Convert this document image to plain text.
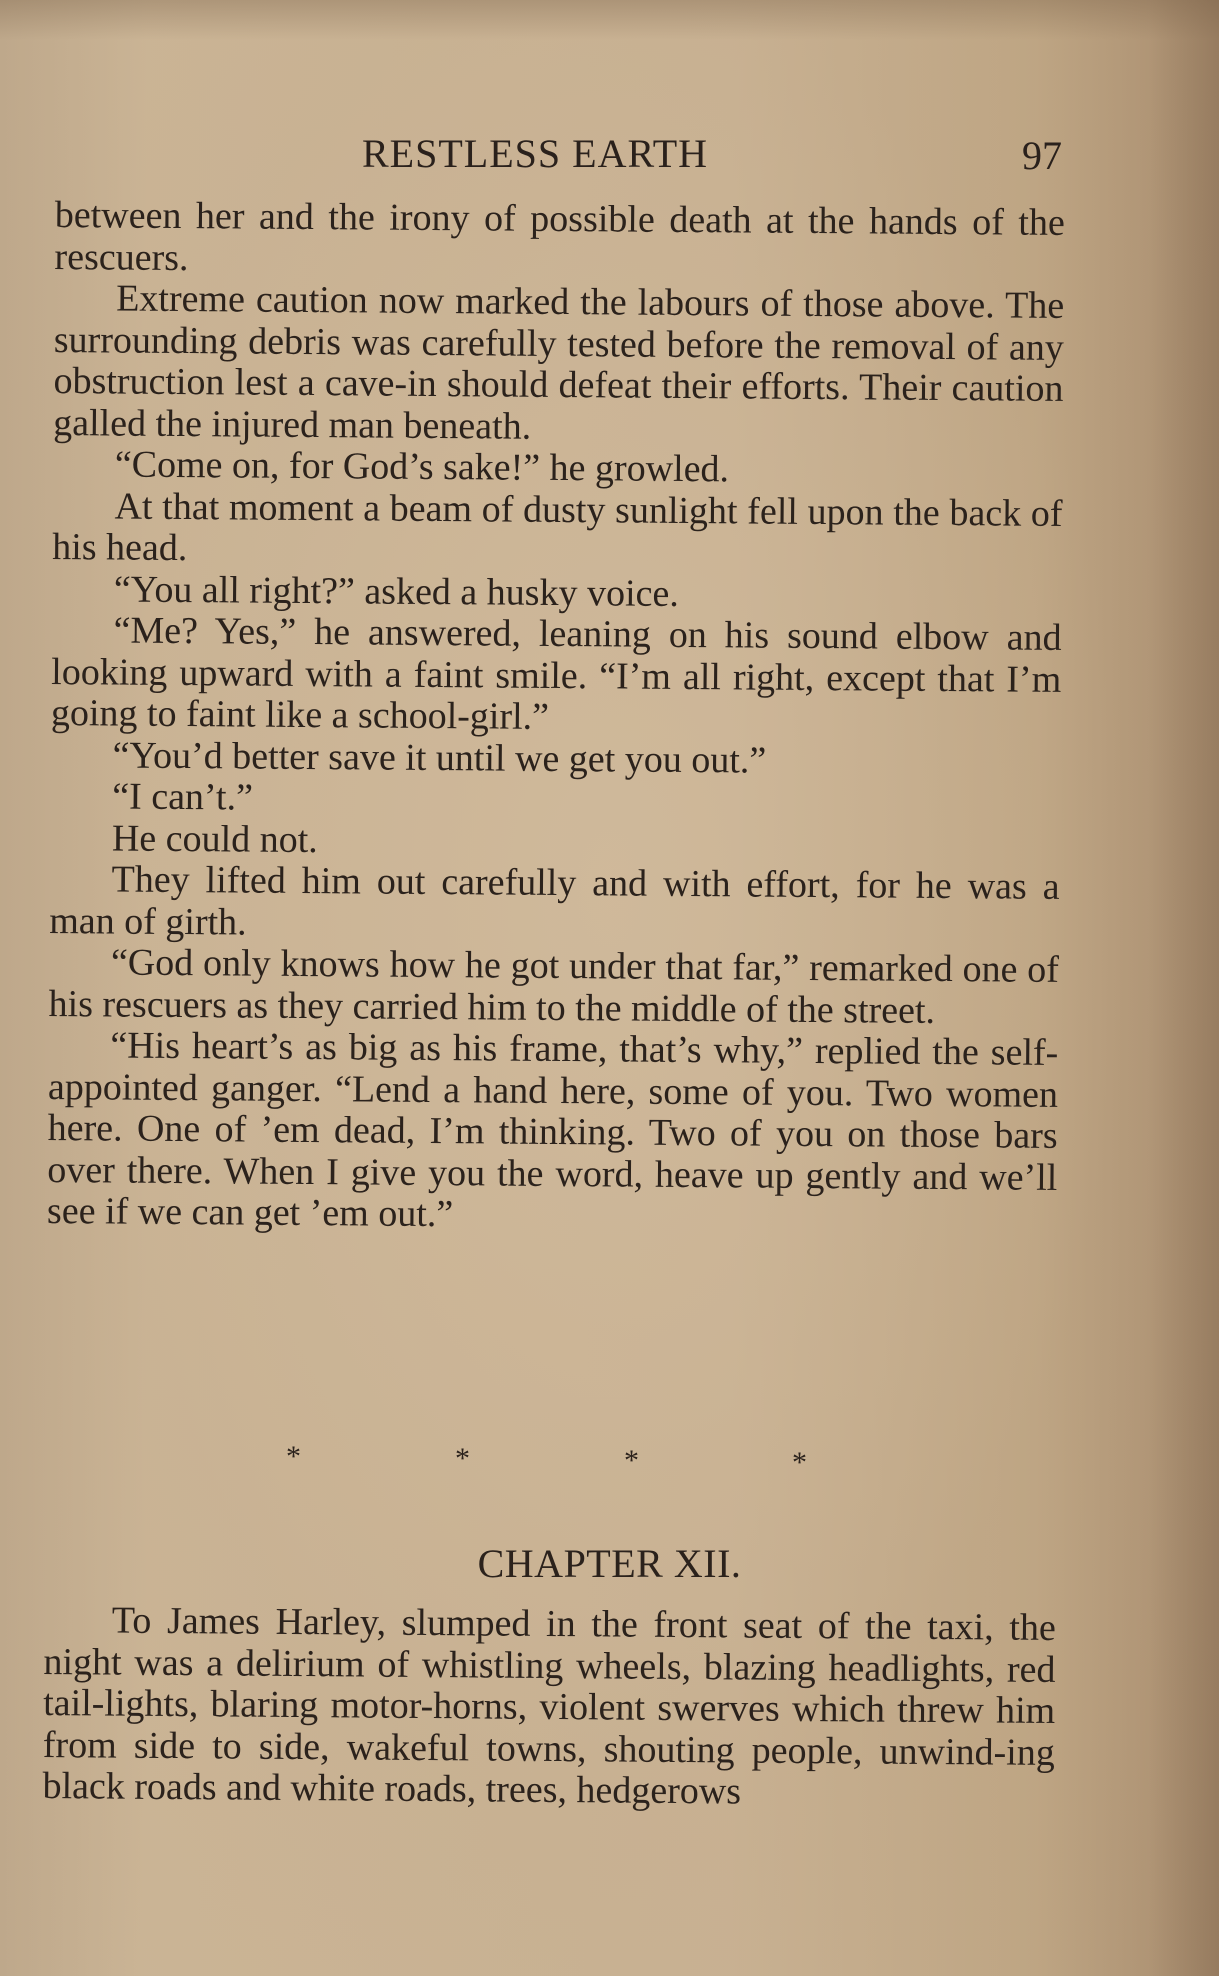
RESTLESS EARTH	97

between her and the irony of possible death at the hands of the rescuers.

Extreme caution now marked the labours of those above. The surrounding debris was carefully tested before the removal of any obstruction lest a cave-in should defeat their efforts. Their caution galled the injured man beneath.

“Come on, for God’s sake!” he growled.

At that moment a beam of dusty sunlight fell upon the back of his head.

“You all right?” asked a husky voice.

“Me? Yes,” he answered, leaning on his sound elbow and looking upward with a faint smile. “I’m all right, except that I’m going to faint like a school-girl.”

“You’d better save it until we get you out.”

“I can’t.”

He could not.

They lifted him out carefully and with effort, for he was a man of girth.

“God only knows how he got under that far,” remarked one of his rescuers as they carried him to the middle of the street.

“His heart’s as big as his frame, that’s why,” replied the self-appointed ganger. “Lend a hand here, some of you. Two women here. One of ’em dead, I’m thinking. Two of you on those bars over there. When I give you the word, heave up gently and we’ll see if we can get ’em out.”

*	*	*	*
CHAPTER XII.

To James Harley, slumped in the front seat of the taxi, the night was a delirium of whistling wheels, blazing headlights, red tail-lights, blaring motor-horns, violent swerves which threw him from side to side, wakeful towns, shouting people, unwind-ing black roads and white roads, trees, hedgerows
